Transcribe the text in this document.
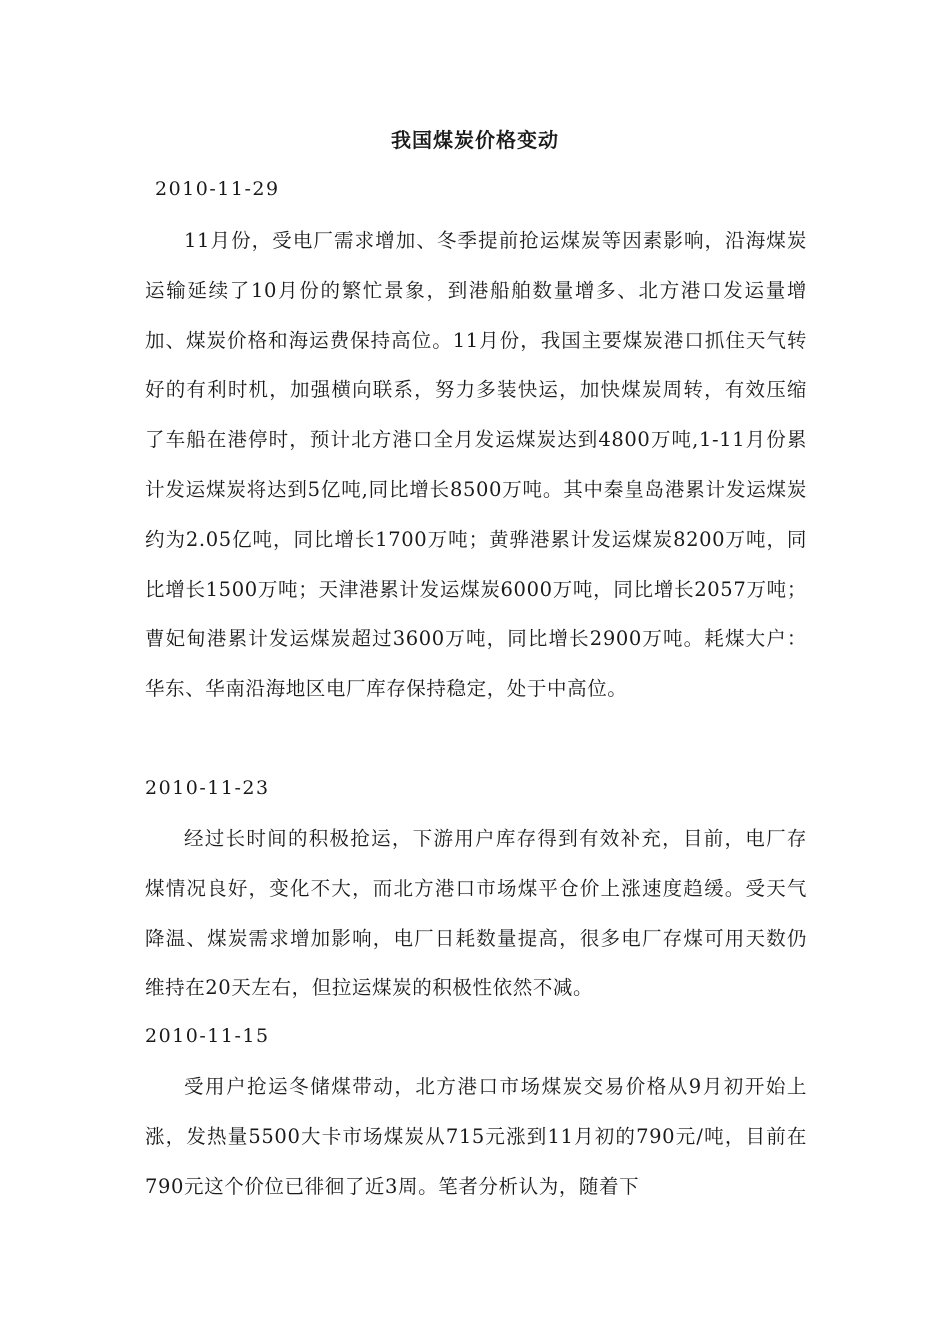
我国煤炭价格变动
2010-11-29

11月份，受电厂需求增加、冬季提前抢运煤炭等因素影响，沿海煤炭运输延续了10月份的繁忙景象，到港船舶数量增多、北方港口发运量增加、煤炭价格和海运费保持高位。11月份，我国主要煤炭港口抓住天气转好的有利时机，加强横向联系，努力多装快运，加快煤炭周转，有效压缩了车船在港停时，预计北方港口全月发运煤炭达到4800万吨,1-11月份累计发运煤炭将达到5亿吨,同比增长8500万吨。其中秦皇岛港累计发运煤炭约为2.05亿吨，同比增长1700万吨；黄骅港累计发运煤炭8200万吨，同比增长1500万吨；天津港累计发运煤炭6000万吨，同比增长2057万吨；曹妃甸港累计发运煤炭超过3600万吨，同比增长2900万吨。耗煤大户：华东、华南沿海地区电厂库存保持稳定，处于中高位。

2010-11-23

经过长时间的积极抢运，下游用户库存得到有效补充，目前，电厂存煤情况良好，变化不大，而北方港口市场煤平仓价上涨速度趋缓。受天气降温、煤炭需求增加影响，电厂日耗数量提高，很多电厂存煤可用天数仍维持在20天左右，但拉运煤炭的积极性依然不减。

2010-11-15

受用户抢运冬储煤带动，北方港口市场煤炭交易价格从9月初开始上涨，发热量5500大卡市场煤炭从715元涨到11月初的790元/吨，目前在790元这个价位已徘徊了近3周。笔者分析认为，随着下
